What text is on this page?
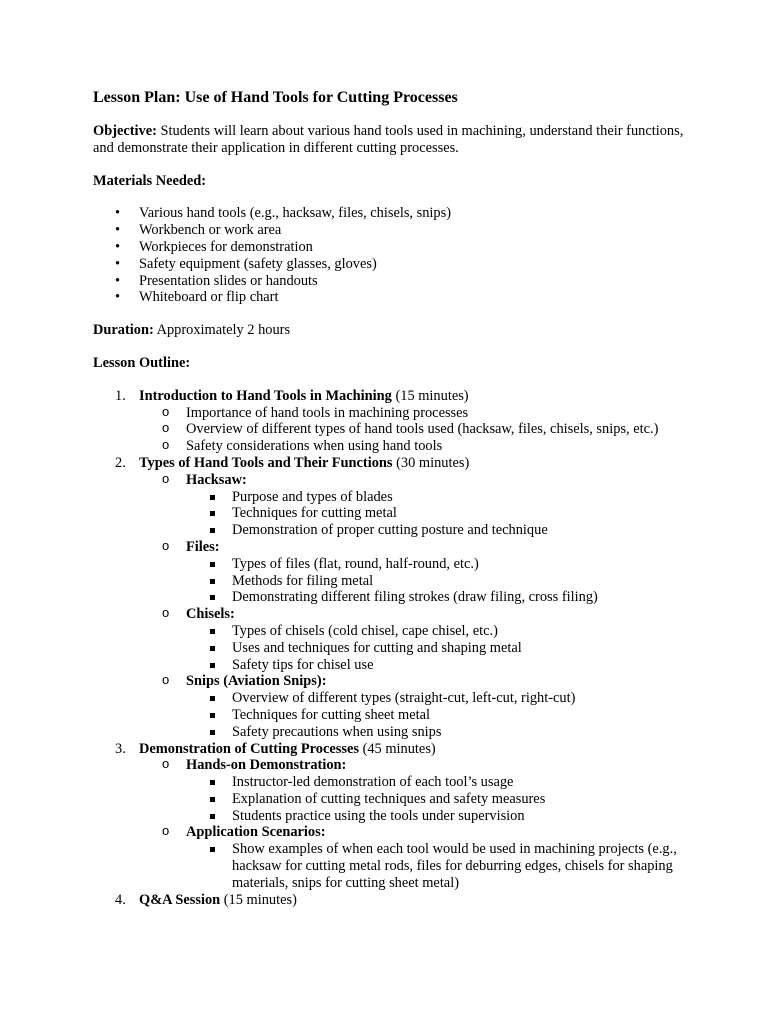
Lesson Plan: Use of Hand Tools for Cutting Processes

Objective: Students will learn about various hand tools used in machining, understand their functions, and demonstrate their application in different cutting processes.

Materials Needed:

• Various hand tools (e.g., hacksaw, files, chisels, snips)
• Workbench or work area
• Workpieces for demonstration
• Safety equipment (safety glasses, gloves)
• Presentation slides or handouts
• Whiteboard or flip chart

Duration: Approximately 2 hours

Lesson Outline:

1. Introduction to Hand Tools in Machining (15 minutes)
o Importance of hand tools in machining processes
o Overview of different types of hand tools used (hacksaw, files, chisels, snips, etc.)
o Safety considerations when using hand tools
2. Types of Hand Tools and Their Functions (30 minutes)
o Hacksaw:
Purpose and types of blades
Techniques for cutting metal
Demonstration of proper cutting posture and technique
o Files:
Types of files (flat, round, half-round, etc.)
Methods for filing metal
Demonstrating different filing strokes (draw filing, cross filing)
o Chisels:
Types of chisels (cold chisel, cape chisel, etc.)
Uses and techniques for cutting and shaping metal
Safety tips for chisel use
o Snips (Aviation Snips):
Overview of different types (straight-cut, left-cut, right-cut)
Techniques for cutting sheet metal
Safety precautions when using snips
3. Demonstration of Cutting Processes (45 minutes)
o Hands-on Demonstration:
Instructor-led demonstration of each tool’s usage
Explanation of cutting techniques and safety measures
Students practice using the tools under supervision
o Application Scenarios:
Show examples of when each tool would be used in machining projects (e.g., hacksaw for cutting metal rods, files for deburring edges, chisels for shaping materials, snips for cutting sheet metal)
4. Q&A Session (15 minutes)
